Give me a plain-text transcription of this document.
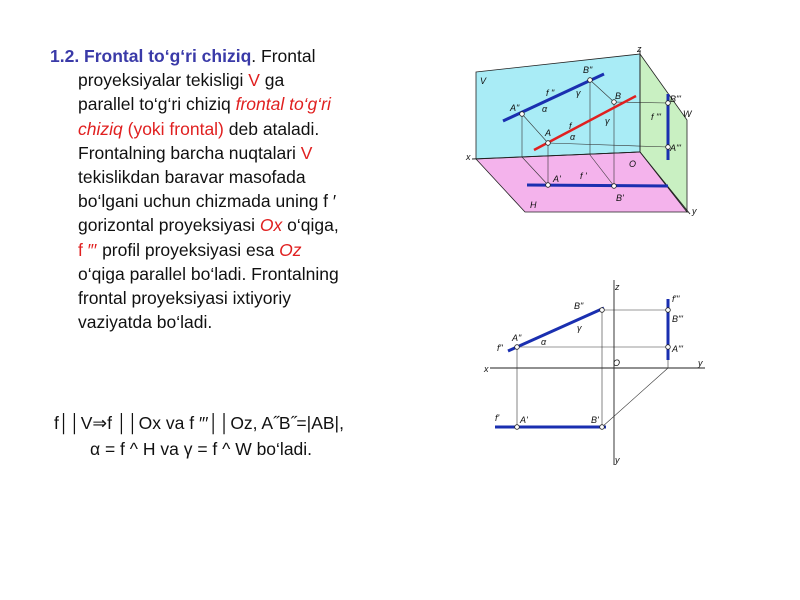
1.2. Frontal to‘g‘ri chiziq. Frontal
proyeksiyalar tekisligi V ga
parallel to‘g‘ri chiziq frontal to‘g‘ri
chiziq (yoki frontal) deb ataladi.
Frontalning barcha nuqtalari V
tekislikdan baravar masofada
bo‘lgani uchun chizmada uning f ′
gorizontal proyeksiyasi Ox o‘qiga,
f ″′ profil proyeksiyasi esa Oz
o‘qiga parallel bo‘ladi. Frontalning
frontal proyeksiyasi ixtiyoriy
vaziyatda bo‘ladi.
f││V⇒f ││Ox va f ″′││Oz, A˝B˝=|AB|,
α = f ^ H va γ = f ^ W bo‘ladi.
z
x
y
V
W
H
B"
γ
f "	B	B"'
A"	α
A
f
α
γ	f "'
A"'
O
A' f '
B'
z
x
y
y
O
B"
γ
A"
f"
α
f"'
B"'
A"'
f' A'	B'
